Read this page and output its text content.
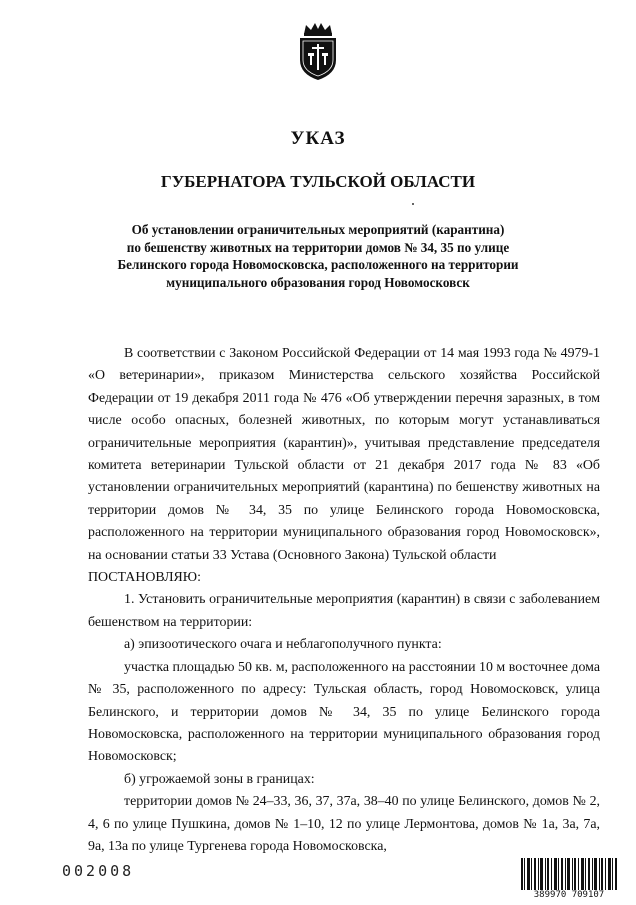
УКАЗ
ГУБЕРНАТОРА ТУЛЬСКОЙ ОБЛАСТИ
Об установлении ограничительных мероприятий (карантина)
по бешенству животных на территории домов № 34, 35 по улице
Белинского города Новомосковска, расположенного на территории
муниципального образования город Новомосковск

В соответствии с Законом Российской Федерации от 14 мая 1993 года № 4979-1 «О ветеринарии», приказом Министерства сельского хозяйства Российской Федерации от 19 декабря 2011 года № 476 «Об утверждении перечня заразных, в том числе особо опасных, болезней животных, по которым могут устанавливаться ограничительные мероприятия (карантин)», учитывая представление председателя комитета ветеринарии Тульской области от 21 декабря 2017 года № 83 «Об установлении ограничительных мероприятий (карантина) по бешенству животных на территории домов № 34, 35 по улице Белинского города Новомосковска, расположенного на территории муниципального образования город Новомосковск», на основании статьи 33 Устава (Основного Закона) Тульской области

ПОСТАНОВЛЯЮ:

1. Установить ограничительные мероприятия (карантин) в связи с заболеванием бешенством на территории:

а) эпизоотического очага и неблагополучного пункта:

участка площадью 50 кв. м, расположенного на расстоянии 10 м восточнее дома № 35, расположенного по адресу: Тульская область, город Новомосковск, улица Белинского, и территории домов № 34, 35 по улице Белинского города Новомосковска, расположенного на территории муниципального образования город Новомосковск;

б) угрожаемой зоны в границах:

территории домов № 24–33, 36, 37, 37а, 38–40 по улице Белинского, домов № 2, 4, 6 по улице Пушкина, домов № 1–10, 12 по улице Лермонтова, домов № 1а, 3а, 7а, 9а, 13а по улице Тургенева города Новомосковска,

002008
389970 709107
